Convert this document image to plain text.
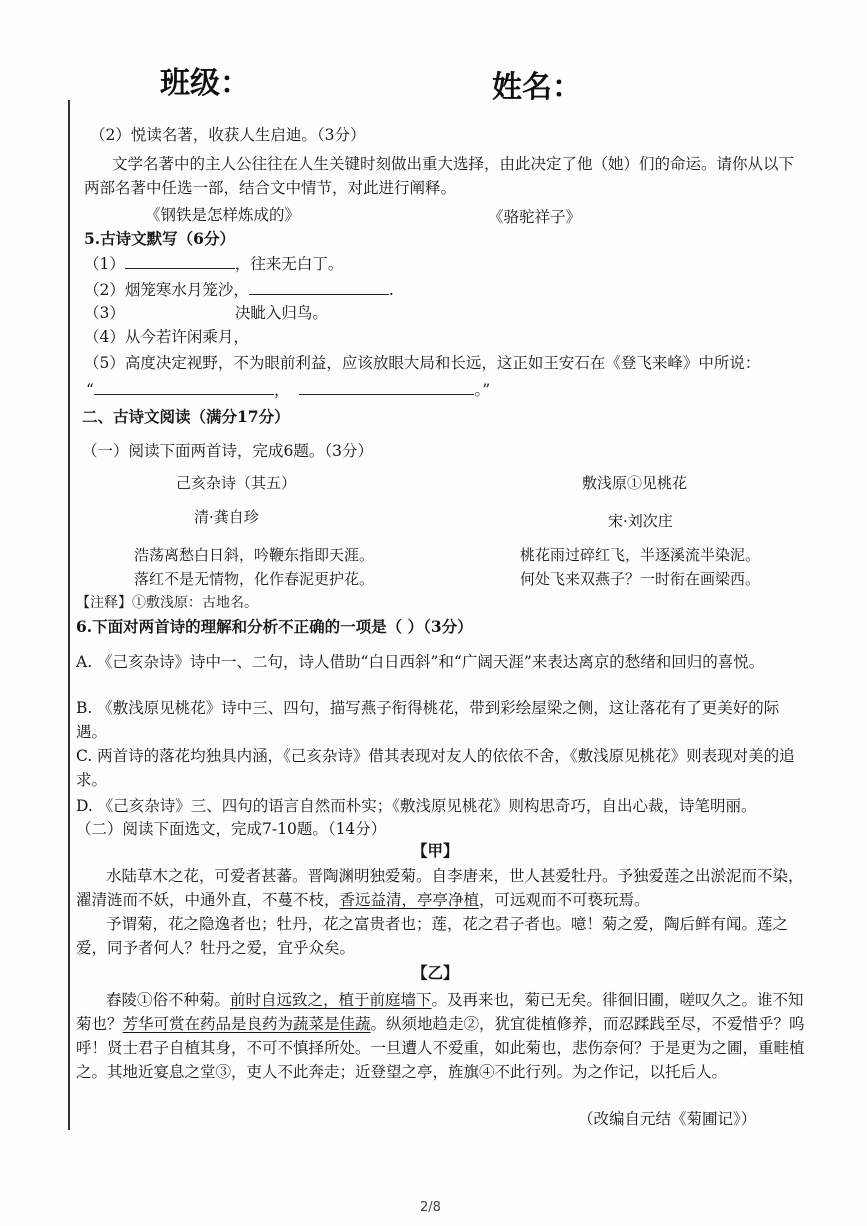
班级：	姓名：
（2）悦读名著，收获人生启迪。（3分）
文学名著中的主人公往往在人生关键时刻做出重大选择，由此决定了他（她）们的命运。请你从以下两部名著中任选一部，结合文中情节，对此进行阐释。
《钢铁是怎样炼成的》	《骆驼祥子》
5.古诗文默写（6分）
（1）	，往来无白丁。
（2）烟笼寒水月笼沙，	.
（3）	决眦入归鸟。
（4）从今若许闲乘月，
（5）高度决定视野，不为眼前利益，应该放眼大局和长远，这正如王安石在《登飞来峰》中所说：
“	，	。”
二、古诗文阅读（满分17分）
（一）阅读下面两首诗，完成6题。（3分）
己亥杂诗（其五）
清·龚自珍
浩荡离愁白日斜，吟鞭东指即天涯。
落红不是无情物，化作春泥更护花。
敷浅原①见桃花
宋·刘次庄
桃花雨过碎红飞，半逐溪流半染泥。
何处飞来双燕子？一时衔在画梁西。
【注释】①敷浅原：古地名。
6.下面对两首诗的理解和分析不正确的一项是（ ）（3分）
A. 《己亥杂诗》诗中一、二句，诗人借助“白日西斜”和“广阔天涯”来表达离京的愁绪和回归的喜悦。
B. 《敷浅原见桃花》诗中三、四句，描写燕子衔得桃花，带到彩绘屋梁之侧，这让落花有了更美好的际遇。
C. 两首诗的落花均独具内涵，《己亥杂诗》借其表现对友人的依依不舍，《敷浅原见桃花》则表现对美的追求。
D. 《己亥杂诗》三、四句的语言自然而朴实；《敷浅原见桃花》则构思奇巧，自出心裁，诗笔明丽。
（二）阅读下面选文，完成7-10题。（14分）
【甲】
水陆草木之花，可爱者甚蕃。晋陶渊明独爱菊。自李唐来，世人甚爱牡丹。予独爱莲之出淤泥而不染，濯清涟而不妖，中通外直，不蔓不枝，香远益清，亭亭净植，可远观而不可亵玩焉。
予谓菊，花之隐逸者也；牡丹，花之富贵者也；莲，花之君子者也。噫！菊之爱，陶后鲜有闻。莲之爱，同予者何人？牡丹之爱，宜乎众矣。
【乙】
舂陵①俗不种菊。前时自远致之，植于前庭墙下。及再来也，菊已无矣。徘徊旧圃，嗟叹久之。谁不知菊也？芳华可赏在药品是良药为蔬菜是佳蔬。纵须地趋走②，犹宜徙植修养，而忍蹂践至尽，不爱惜乎？呜呼！贤士君子自植其身，不可不慎择所处。一旦遭人不爱重，如此菊也，悲伤奈何？于是更为之圃，重畦植之。其地近宴息之堂③，吏人不此奔走；近登望之亭，旌旗④不此行列。为之作记，以托后人。
（改编自元结《菊圃记》）
2/8
